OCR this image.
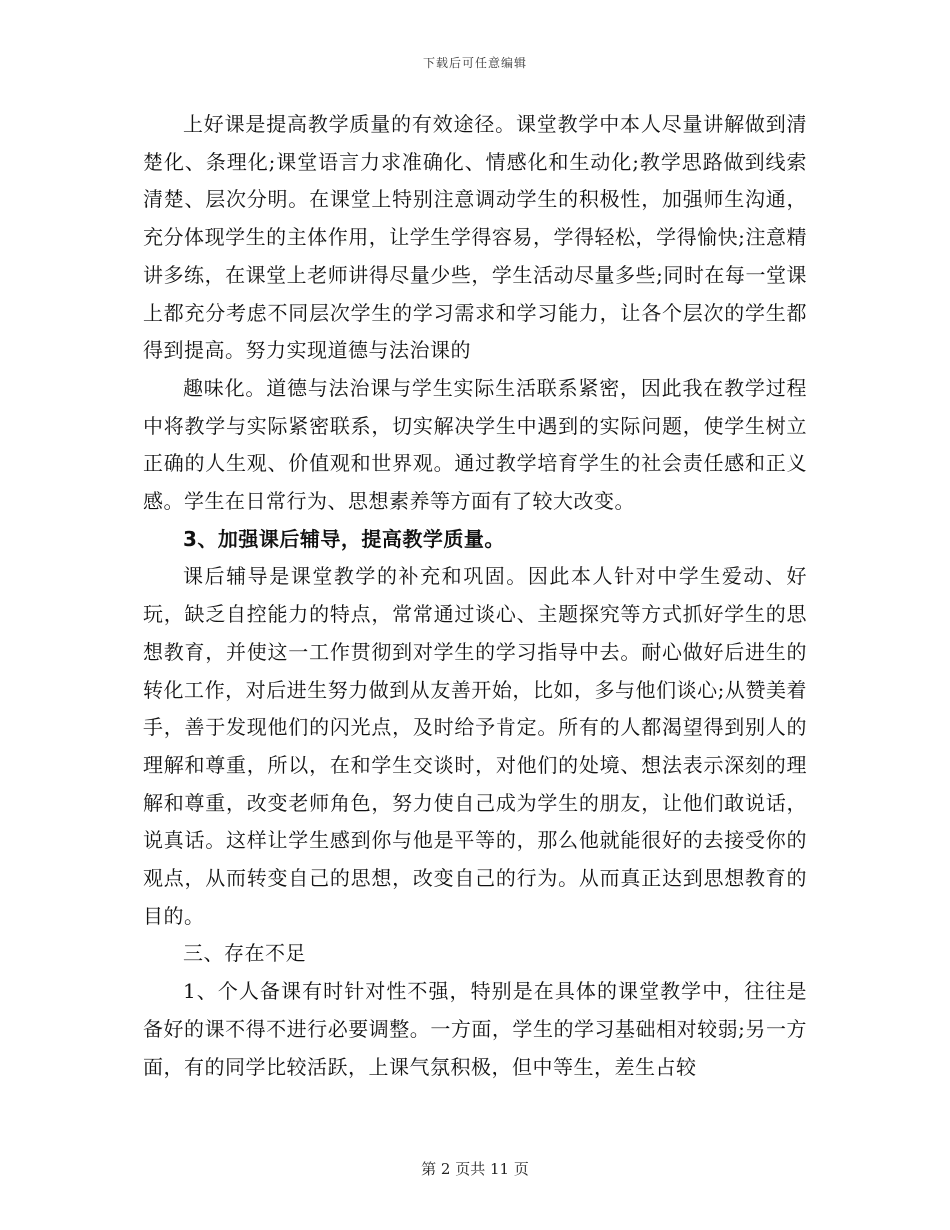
下载后可任意编辑

上好课是提高教学质量的有效途径。课堂教学中本人尽量讲解做到清楚化、条理化;课堂语言力求准确化、情感化和生动化;教学思路做到线索清楚、层次分明。在课堂上特别注意调动学生的积极性，加强师生沟通，充分体现学生的主体作用，让学生学得容易，学得轻松，学得愉快;注意精讲多练，在课堂上老师讲得尽量少些，学生活动尽量多些;同时在每一堂课上都充分考虑不同层次学生的学习需求和学习能力，让各个层次的学生都得到提高。努力实现道德与法治课的

趣味化。道德与法治课与学生实际生活联系紧密，因此我在教学过程中将教学与实际紧密联系，切实解决学生中遇到的实际问题，使学生树立正确的人生观、价值观和世界观。通过教学培育学生的社会责任感和正义感。学生在日常行为、思想素养等方面有了较大改变。

3、加强课后辅导，提高教学质量。

课后辅导是课堂教学的补充和巩固。因此本人针对中学生爱动、好玩，缺乏自控能力的特点，常常通过谈心、主题探究等方式抓好学生的思想教育，并使这一工作贯彻到对学生的学习指导中去。耐心做好后进生的转化工作，对后进生努力做到从友善开始，比如，多与他们谈心;从赞美着手，善于发现他们的闪光点，及时给予肯定。所有的人都渴望得到别人的理解和尊重，所以，在和学生交谈时，对他们的处境、想法表示深刻的理解和尊重，改变老师角色，努力使自己成为学生的朋友，让他们敢说话，说真话。这样让学生感到你与他是平等的，那么他就能很好的去接受你的观点，从而转变自己的思想，改变自己的行为。从而真正达到思想教育的目的。

三、存在不足

1、个人备课有时针对性不强，特别是在具体的课堂教学中，往往是备好的课不得不进行必要调整。一方面，学生的学习基础相对较弱;另一方面，有的同学比较活跃，上课气氛积极，但中等生，差生占较

第 2 页共 11 页
